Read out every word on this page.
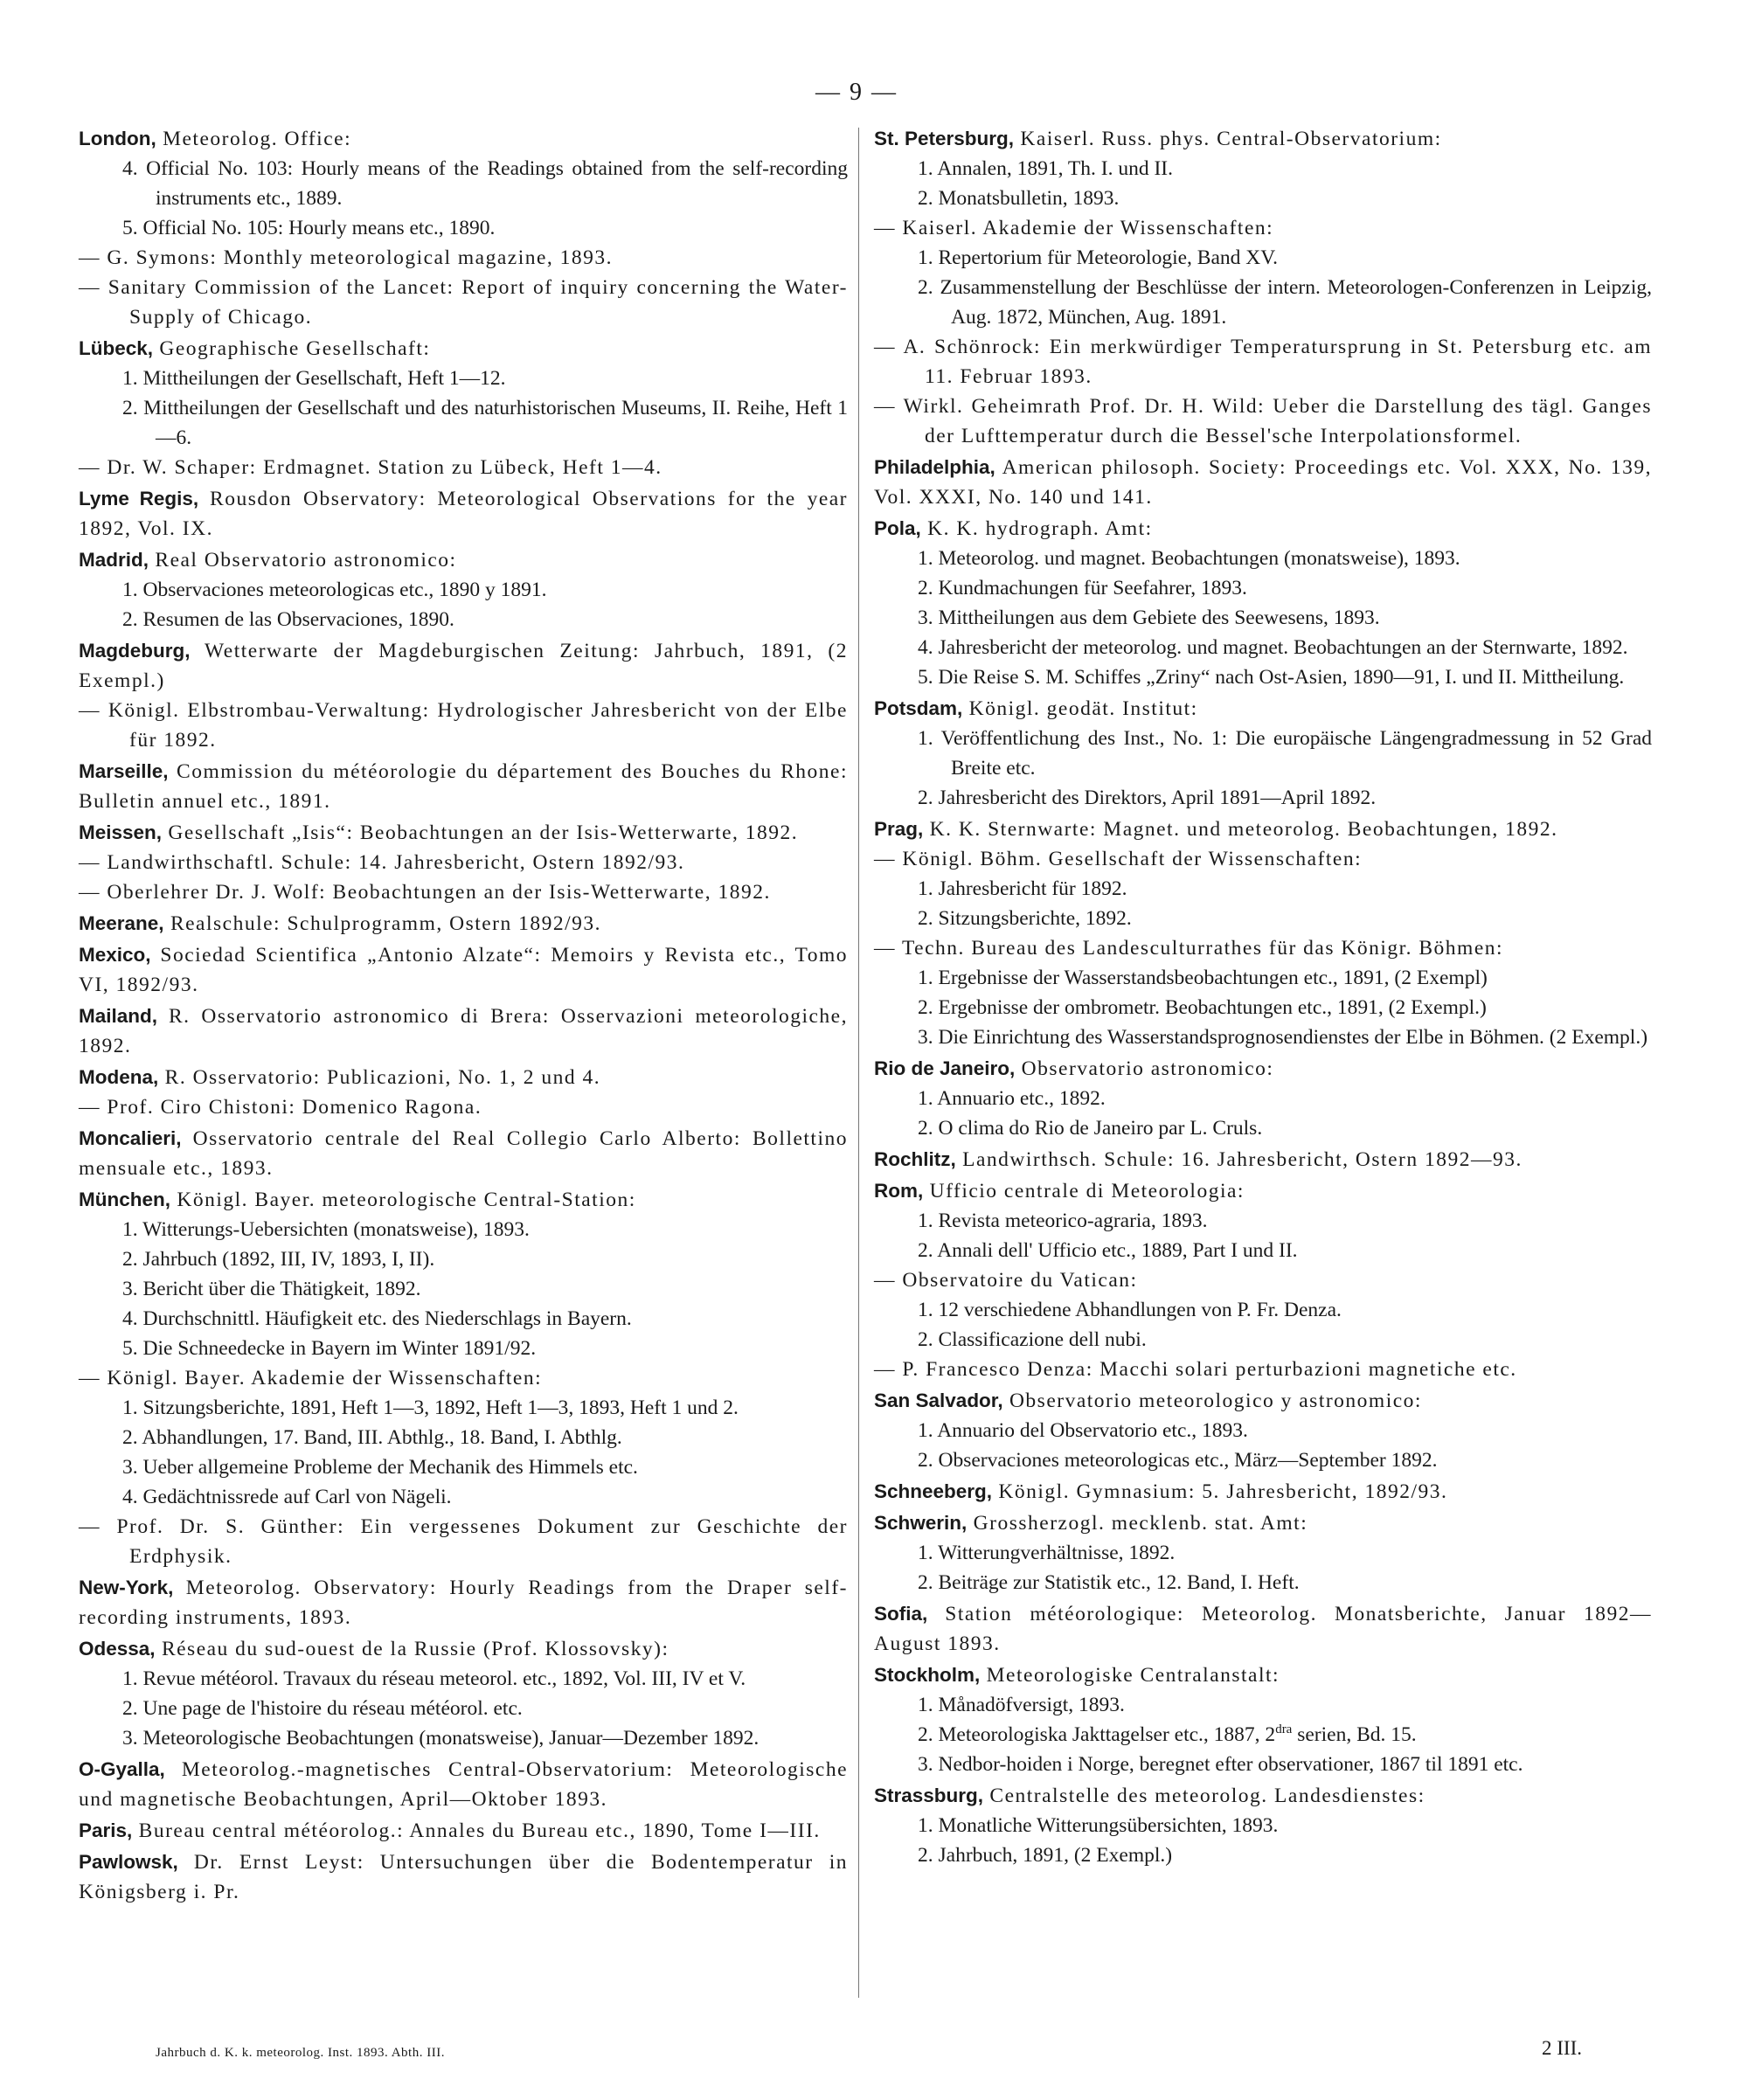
— 9 —
London, Meteorolog. Office:
4. Official No. 103: Hourly means of the Readings obtained from the self-recording instruments etc., 1889.
5. Official No. 105: Hourly means etc., 1890.
— G. Symons: Monthly meteorological magazine, 1893.
— Sanitary Commission of the Lancet: Report of inquiry concerning the Water-Supply of Chicago.
Lübeck, Geographische Gesellschaft:
1. Mittheilungen der Gesellschaft, Heft 1—12.
2. Mittheilungen der Gesellschaft und des naturhistorischen Museums, II. Reihe, Heft 1—6.
— Dr. W. Schaper: Erdmagnet. Station zu Lübeck, Heft 1—4.
Lyme Regis, Rousdon Observatory: Meteorological Observations for the year 1892, Vol. IX.
Madrid, Real Observatorio astronomico:
1. Observaciones meteorologicas etc., 1890 y 1891.
2. Resumen de las Observaciones, 1890.
Magdeburg, Wetterwarte der Magdeburgischen Zeitung: Jahrbuch, 1891, (2 Exempl.)
— Königl. Elbstrombau-Verwaltung: Hydrologischer Jahresbericht von der Elbe für 1892.
Marseille, Commission du météorologie du département des Bouches du Rhone: Bulletin annuel etc., 1891.
Meissen, Gesellschaft „Isis“: Beobachtungen an der Isis-Wetterwarte, 1892.
— Landwirthschaftl. Schule: 14. Jahresbericht, Ostern 1892/93.
— Oberlehrer Dr. J. Wolf: Beobachtungen an der Isis-Wetterwarte, 1892.
Meerane, Realschule: Schulprogramm, Ostern 1892/93.
Mexico, Sociedad Scientifica „Antonio Alzate“: Memoirs y Revista etc., Tomo VI, 1892/93.
Mailand, R. Osservatorio astronomico di Brera: Osservazioni meteorologiche, 1892.
Modena, R. Osservatorio: Publicazioni, No. 1, 2 und 4.
— Prof. Ciro Chistoni: Domenico Ragona.
Moncalieri, Osservatorio centrale del Real Collegio Carlo Alberto: Bollettino mensuale etc., 1893.
München, Königl. Bayer. meteorologische Central-Station:
1. Witterungs-Uebersichten (monatsweise), 1893.
2. Jahrbuch (1892, III, IV, 1893, I, II).
3. Bericht über die Thätigkeit, 1892.
4. Durchschnittl. Häufigkeit etc. des Niederschlags in Bayern.
5. Die Schneedecke in Bayern im Winter 1891/92.
— Königl. Bayer. Akademie der Wissenschaften:
1. Sitzungsberichte, 1891, Heft 1—3, 1892, Heft 1—3, 1893, Heft 1 und 2.
2. Abhandlungen, 17. Band, III. Abthlg., 18. Band, I. Abthlg.
3. Ueber allgemeine Probleme der Mechanik des Himmels etc.
4. Gedächtnissrede auf Carl von Nägeli.
— Prof. Dr. S. Günther: Ein vergessenes Dokument zur Geschichte der Erdphysik.
New-York, Meteorolog. Observatory: Hourly Readings from the Draper self-recording instruments, 1893.
Odessa, Réseau du sud-ouest de la Russie (Prof. Klossovsky):
1. Revue météorol. Travaux du réseau meteorol. etc., 1892, Vol. III, IV et V.
2. Une page de l'histoire du réseau météorol. etc.
3. Meteorologische Beobachtungen (monatsweise), Januar—Dezember 1892.
O-Gyalla, Meteorolog.-magnetisches Central-Observatorium: Meteorologische und magnetische Beobachtungen, April—Oktober 1893.
Paris, Bureau central météorolog.: Annales du Bureau etc., 1890, Tome I—III.
Pawlowsk, Dr. Ernst Leyst: Untersuchungen über die Bodentemperatur in Königsberg i. Pr.
St. Petersburg, Kaiserl. Russ. phys. Central-Observatorium:
1. Annalen, 1891, Th. I. und II.
2. Monatsbulletin, 1893.
— Kaiserl. Akademie der Wissenschaften:
1. Repertorium für Meteorologie, Band XV.
2. Zusammenstellung der Beschlüsse der intern. Meteorologen-Conferenzen in Leipzig, Aug. 1872, München, Aug. 1891.
— A. Schönrock: Ein merkwürdiger Temperatursprung in St. Petersburg etc. am 11. Februar 1893.
— Wirkl. Geheimrath Prof. Dr. H. Wild: Ueber die Darstellung des tägl. Ganges der Lufttemperatur durch die Bessel'sche Interpolationsformel.
Philadelphia, American philosoph. Society: Proceedings etc. Vol. XXX, No. 139, Vol. XXXI, No. 140 und 141.
Pola, K. K. hydrograph. Amt:
1. Meteorolog. und magnet. Beobachtungen (monatsweise), 1893.
2. Kundmachungen für Seefahrer, 1893.
3. Mittheilungen aus dem Gebiete des Seewesens, 1893.
4. Jahresbericht der meteorolog. und magnet. Beobachtungen an der Sternwarte, 1892.
5. Die Reise S. M. Schiffes „Zriny“ nach Ost-Asien, 1890—91, I. und II. Mittheilung.
Potsdam, Königl. geodät. Institut:
1. Veröffentlichung des Inst., No. 1: Die europäische Längengradmessung in 52 Grad Breite etc.
2. Jahresbericht des Direktors, April 1891—April 1892.
Prag, K. K. Sternwarte: Magnet. und meteorolog. Beobachtungen, 1892.
— Königl. Böhm. Gesellschaft der Wissenschaften:
1. Jahresbericht für 1892.
2. Sitzungsberichte, 1892.
— Techn. Bureau des Landesculturrathes für das Königr. Böhmen:
1. Ergebnisse der Wasserstandsbeobachtungen etc., 1891, (2 Exempl)
2. Ergebnisse der ombrometr. Beobachtungen etc., 1891, (2 Exempl.)
3. Die Einrichtung des Wasserstandsprognosendienstes der Elbe in Böhmen. (2 Exempl.)
Rio de Janeiro, Observatorio astronomico:
1. Annuario etc., 1892.
2. O clima do Rio de Janeiro par L. Cruls.
Rochlitz, Landwirthsch. Schule: 16. Jahresbericht, Ostern 1892—93.
Rom, Ufficio centrale di Meteorologia:
1. Revista meteorico-agraria, 1893.
2. Annali dell' Ufficio etc., 1889, Part I und II.
— Observatoire du Vatican:
1. 12 verschiedene Abhandlungen von P. Fr. Denza.
2. Classificazione dell nubi.
— P. Francesco Denza: Macchi solari perturbazioni magnetiche etc.
San Salvador, Observatorio meteorologico y astronomico:
1. Annuario del Observatorio etc., 1893.
2. Observaciones meteorologicas etc., März—September 1892.
Schneeberg, Königl. Gymnasium: 5. Jahresbericht, 1892/93.
Schwerin, Grossherzogl. mecklenb. stat. Amt:
1. Witterungverhältnisse, 1892.
2. Beiträge zur Statistik etc., 12. Band, I. Heft.
Sofia, Station météorologique: Meteorolog. Monatsberichte, Januar 1892—August 1893.
Stockholm, Meteorologiske Centralanstalt:
1. Månadöfversigt, 1893.
2. Meteorologiska Jakttagelser etc., 1887, $2^{dra}$ serien, Bd. 15.
3. Nedbor-hoiden i Norge, beregnet efter observationer, 1867 til 1891 etc.
Strassburg, Centralstelle des meteorolog. Landesdienstes:
1. Monatliche Witterungsübersichten, 1893.
2. Jahrbuch, 1891, (2 Exempl.)
Jahrbuch d. K. k. meteorolog. Inst. 1893. Abth. III.	2 III.
